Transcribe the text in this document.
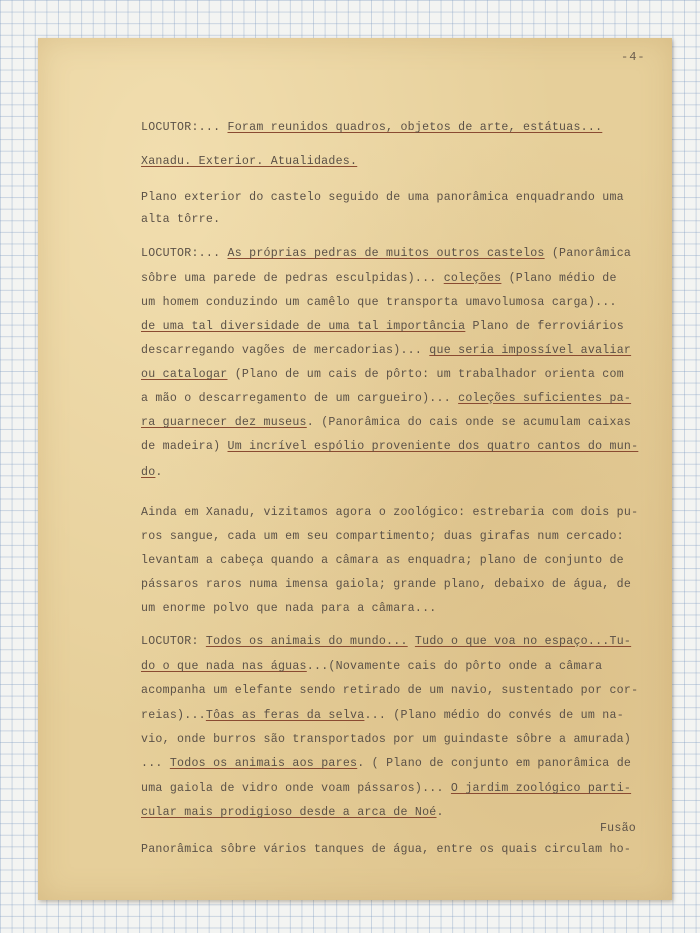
-4-
LOCUTOR:... Foram reunidos quadros, objetos de arte, estátuas...
Xanadu. Exterior. Atualidades.
Plano exterior do castelo seguido de uma panorâmica enquadrando uma
alta tôrre.
LOCUTOR:... As próprias pedras de muitos outros castelos (Panorâmica
sôbre uma parede de pedras esculpidas)... coleções (Plano médio de
um homem conduzindo um camêlo que transporta umavolumosa carga)...
de uma tal diversidade de uma tal importância Plano de ferroviários
descarregando vagões de mercadorias)... que seria impossível avaliar
ou catalogar (Plano de um cais de pôrto: um trabalhador orienta com
a mão o descarregamento de um cargueiro)... coleções suficientes pa-
ra guarnecer dez museus. (Panorâmica do cais onde se acumulam caixas
de madeira) Um incrível espólio proveniente dos quatro cantos do mun-
do.
Ainda em Xanadu, vizitamos agora o zoológico: estrebaria com dois pu-
ros sangue, cada um em seu compartimento; duas girafas num cercado:
levantam a cabeça quando a câmara as enquadra; plano de conjunto de
pássaros raros numa imensa gaiola; grande plano, debaixo de água, de
um enorme polvo que nada para a câmara...
LOCUTOR: Todos os animais do mundo... Tudo o que voa no espaço...Tu-
do o que nada nas águas...(Novamente cais do pôrto onde a câmara
acompanha um elefante sendo retirado de um navio, sustentado por cor-
reias)...Tôas as feras da selva... (Plano médio do convés de um na-
vio, onde burros são transportados por um guindaste sôbre a amurada)
... Todos os animais aos pares. ( Plano de conjunto em panorâmica de
uma gaiola de vidro onde voam pássaros)... O jardim zoológico parti-
cular mais prodigioso desde a arca de Noé.
Fusão
Panorâmica sôbre vários tanques de água, entre os quais circulam ho-
